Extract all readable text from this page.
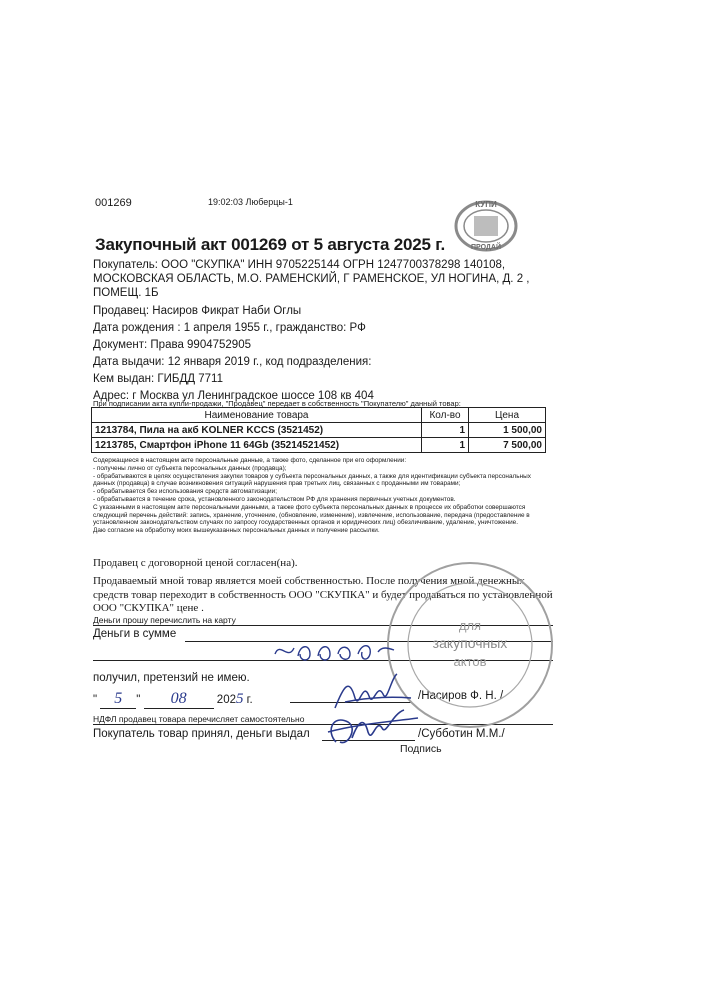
001269	19:02:03 Люберцы-1	КУПИ
ПРОДАЙ
Закупочный акт 001269 от 5 августа 2025 г.
Покупатель: ООО "СКУПКА" ИНН 9705225144 ОГРН 1247700378298 140108, МОСКОВСКАЯ ОБЛАСТЬ, М.О. РАМЕНСКИЙ, Г РАМЕНСКОЕ, УЛ НОГИНА, Д. 2 , ПОМЕЩ. 1Б
Продавец: Насиров Фикрат Наби Оглы
Дата рождения : 1 апреля 1955 г., гражданство: РФ
Документ: Права 9904752905
Дата выдачи: 12 января 2019 г., код подразделения:
Кем выдан: ГИБДД 7711
Адрес: г Москва ул Ленинградское шоссе 108 кв 404
При подписании акта купли-продажи, "Продавец" передает в собственность "Покупателю" данный товар:
Наименование товара	Кол-во	Цена
1213784, Пила на акб KOLNER KCCS (3521452)	1	1 500,00
1213785, Смартфон iPhone 11 64Gb (35214521452)	1	7 500,00
Содержащиеся в настоящем акте персональные данные, а также фото, сделанное при его оформлении:
- получены лично от субъекта персональных данных (продавца);
- обрабатываются в целях осуществления закупки товаров у субъекта персональных данных, а также для идентификации субъекта персональных данных (продавца) в случае возникновения ситуаций нарушения прав третьих лиц, связанных с проданными им товарами;
- обрабатывается без использования средств автоматизации;
- обрабатывается в течение срока, установленного законодательством РФ для хранения первичных учетных документов.
С указанными в настоящем акте персональными данными, а также фото субъекта персональных данных в процессе их обработки совершаются следующий перечень действий: запись, хранение, уточнение, (обновление, изменение), извлечение, использование, передача (предоставление в установленном законодательством случаях по запросу государственных органов и юридических лиц) обезличивание, удаление, уничтожение.
Даю согласие на обработку моих вышеуказанных персональных данных и получение рассылки.
Продавец с договорной ценой согласен(на).
Продаваемый мной товар является моей собственностью. После получения мной денежных средств товар переходит в собственность ООО "СКУПКА" и будет продаваться по установленной ООО "СКУПКА" цене .
Деньги прошу перечислить на карту
Деньги в сумме
получил, претензий не имею.
" 5 " 08	2025 г.	/Насиров Ф. Н. /
НДФЛ продавец товара перечисляет самостоятельно
Покупатель товар принял, деньги выдал	/Субботин М.М./
Подпись
для
закупочных
актов
